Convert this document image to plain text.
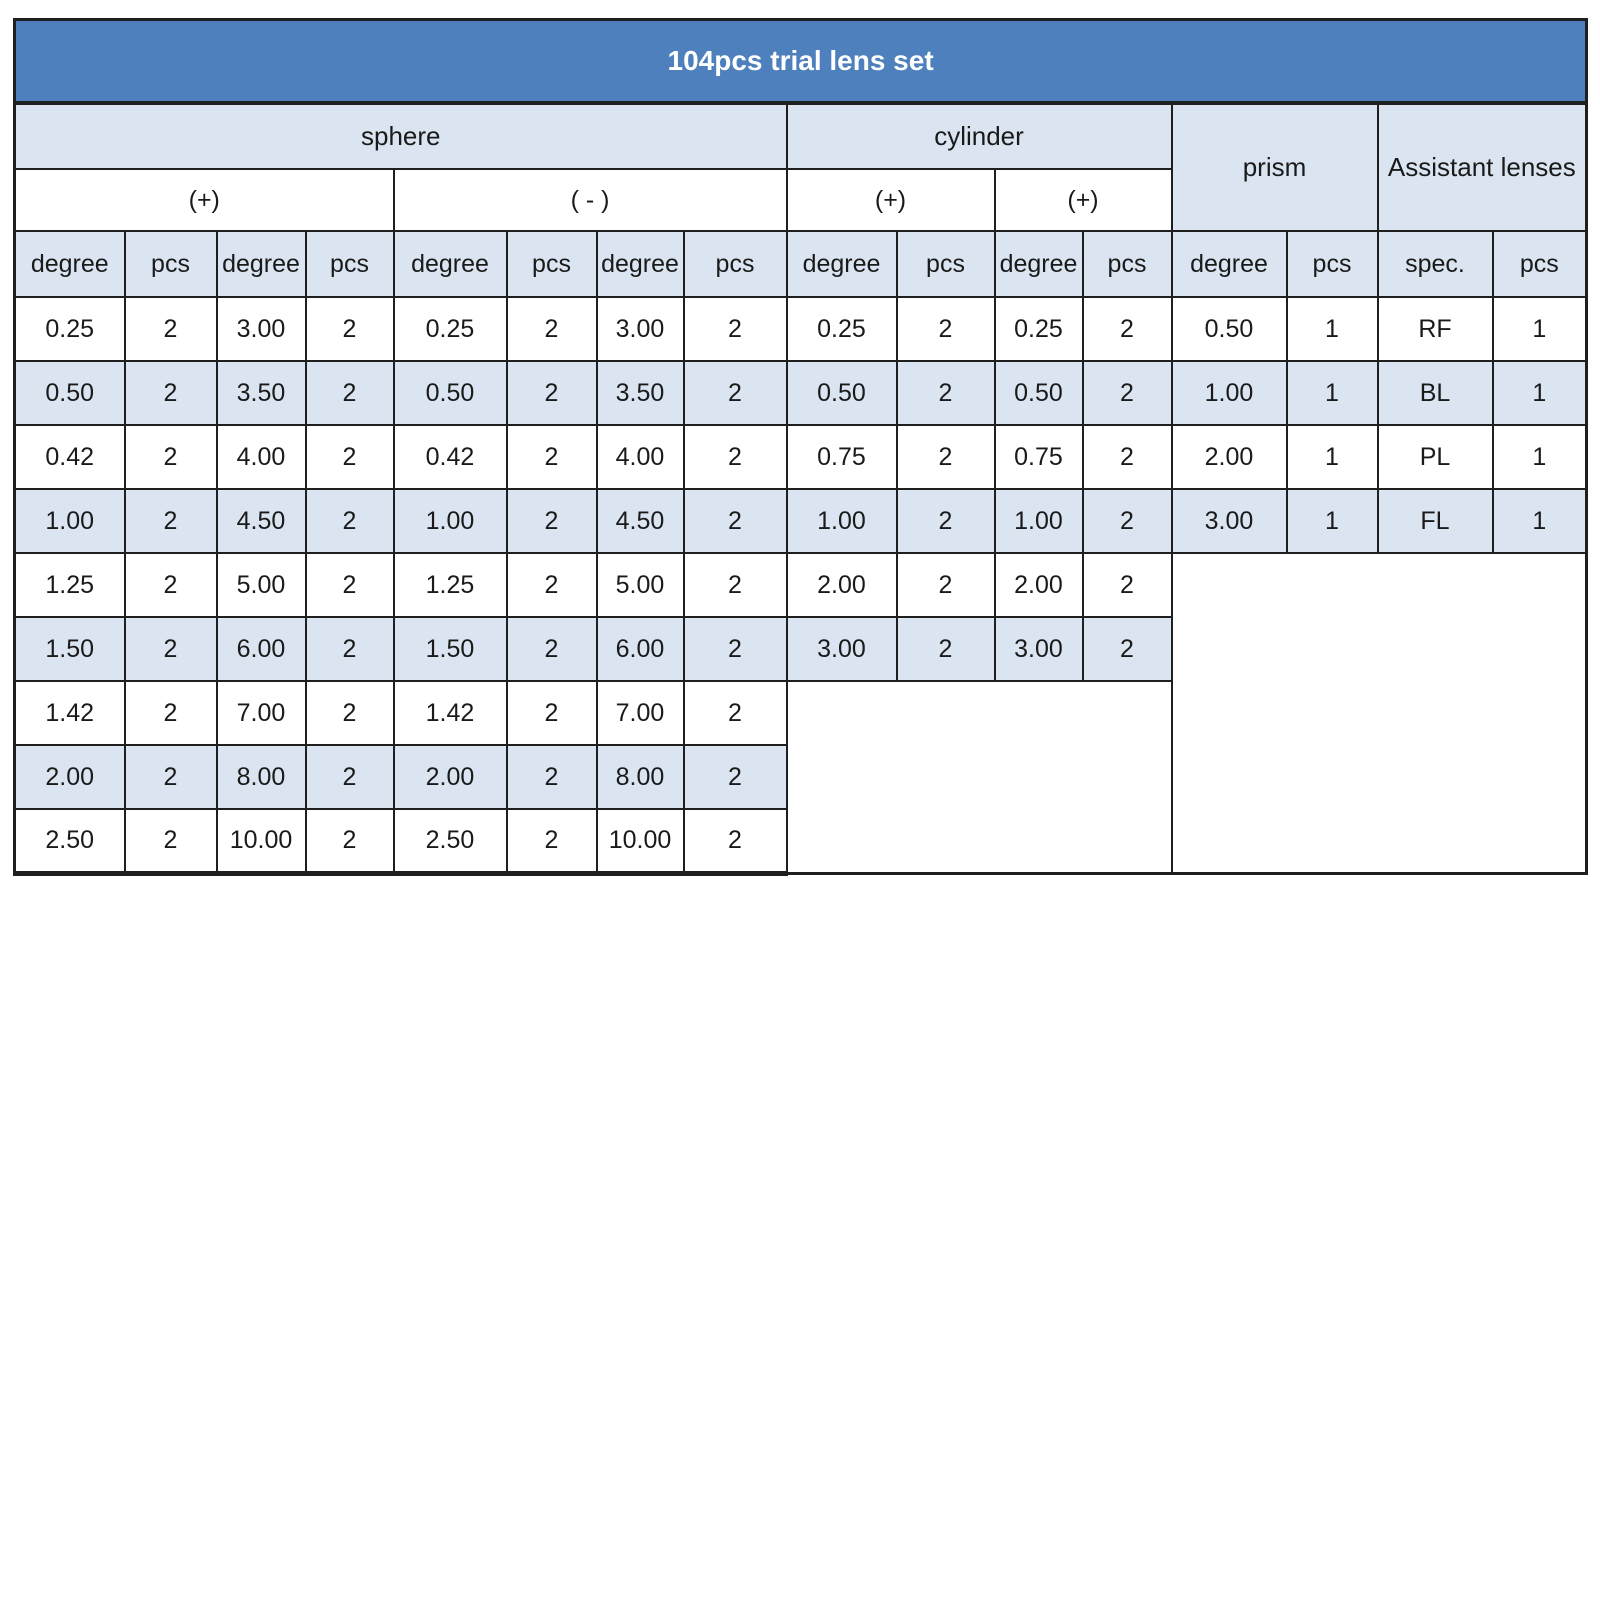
104pcs trial lens set															
sphere								cylinder				prism		Assistant lenses	
(+)				( - )				(+)		(+)					
degree	pcs	degree	pcs	degree	pcs	degree	pcs	degree	pcs	degree	pcs	degree	pcs	spec.	pcs
0.25	2	3.00	2	0.25	2	3.00	2	0.25	2	0.25	2	0.50	1	RF	1
0.50	2	3.50	2	0.50	2	3.50	2	0.50	2	0.50	2	1.00	1	BL	1
0.42	2	4.00	2	0.42	2	4.00	2	0.75	2	0.75	2	2.00	1	PL	1
1.00	2	4.50	2	1.00	2	4.50	2	1.00	2	1.00	2	3.00	1	FL	1
1.25	2	5.00	2	1.25	2	5.00	2	2.00	2	2.00	2				
1.50	2	6.00	2	1.50	2	6.00	2	3.00	2	3.00	2				
1.42	2	7.00	2	1.42	2	7.00	2								
2.00	2	8.00	2	2.00	2	8.00	2								
2.50	2	10.00	2	2.50	2	10.00	2								
